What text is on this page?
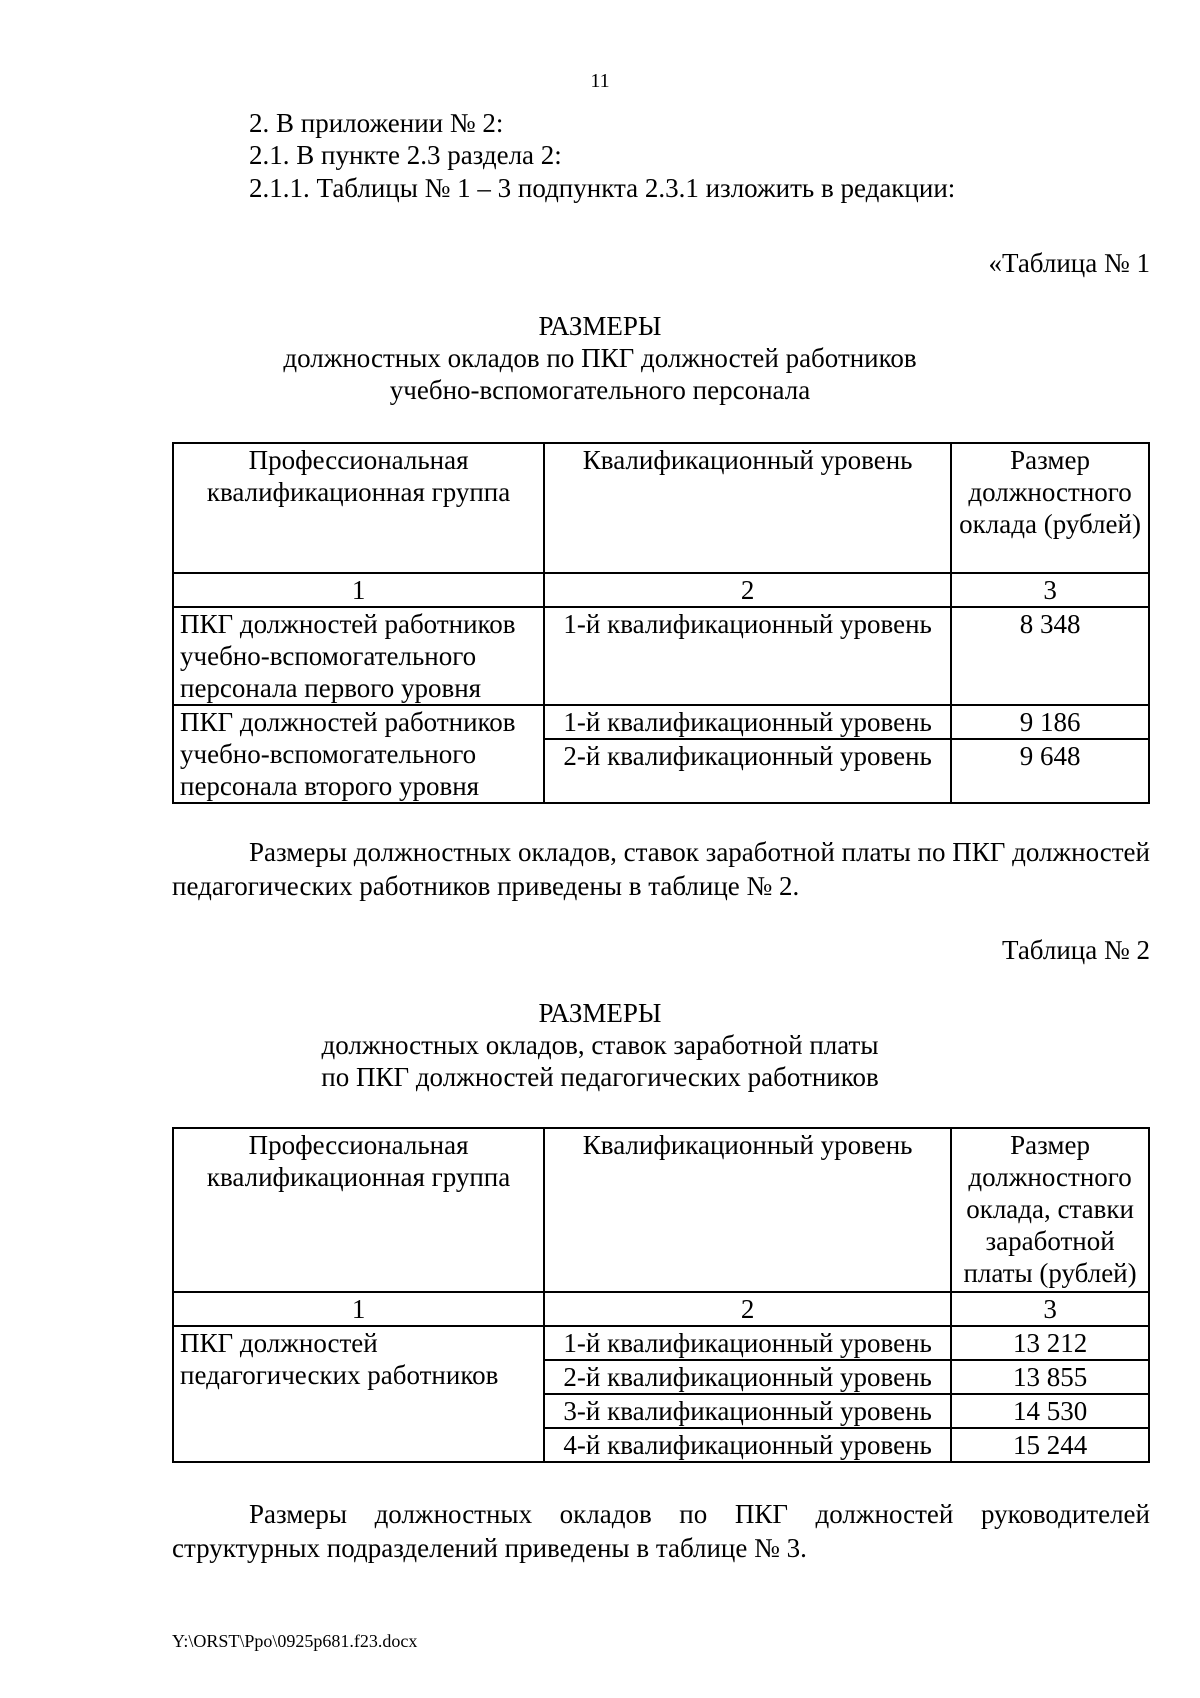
11
2. В приложении № 2:
2.1. В пункте 2.3 раздела 2:
2.1.1. Таблицы № 1 – 3 подпункта 2.3.1 изложить в редакции:
«Таблица № 1
РАЗМЕРЫ
должностных окладов по ПКГ должностей работников
учебно-вспомогательного персонала
Профессиональная квалификационная группа	Квалификационный уровень	Размер должностного оклада (рублей)
1	2	3
ПКГ должностей работников учебно-вспомогательного персонала первого уровня	1-й квалификационный уровень	8 348
ПКГ должностей работников учебно-вспомогательного персонала второго уровня	1-й квалификационный уровень	9 186
	2-й квалификационный уровень	9 648
Размеры должностных окладов, ставок заработной платы по ПКГ должностей педагогических работников приведены в таблице № 2.
Таблица № 2
РАЗМЕРЫ
должностных окладов, ставок заработной платы
по ПКГ должностей педагогических работников
Профессиональная квалификационная группа	Квалификационный уровень	Размер должностного оклада, ставки заработной платы (рублей)
1	2	3
ПКГ должностей педагогических работников	1-й квалификационный уровень	13 212
	2-й квалификационный уровень	13 855
	3-й квалификационный уровень	14 530
	4-й квалификационный уровень	15 244
Размеры должностных окладов по ПКГ должностей руководителей структурных подразделений приведены в таблице № 3.
Y:\ORST\Ppo\0925p681.f23.docx
